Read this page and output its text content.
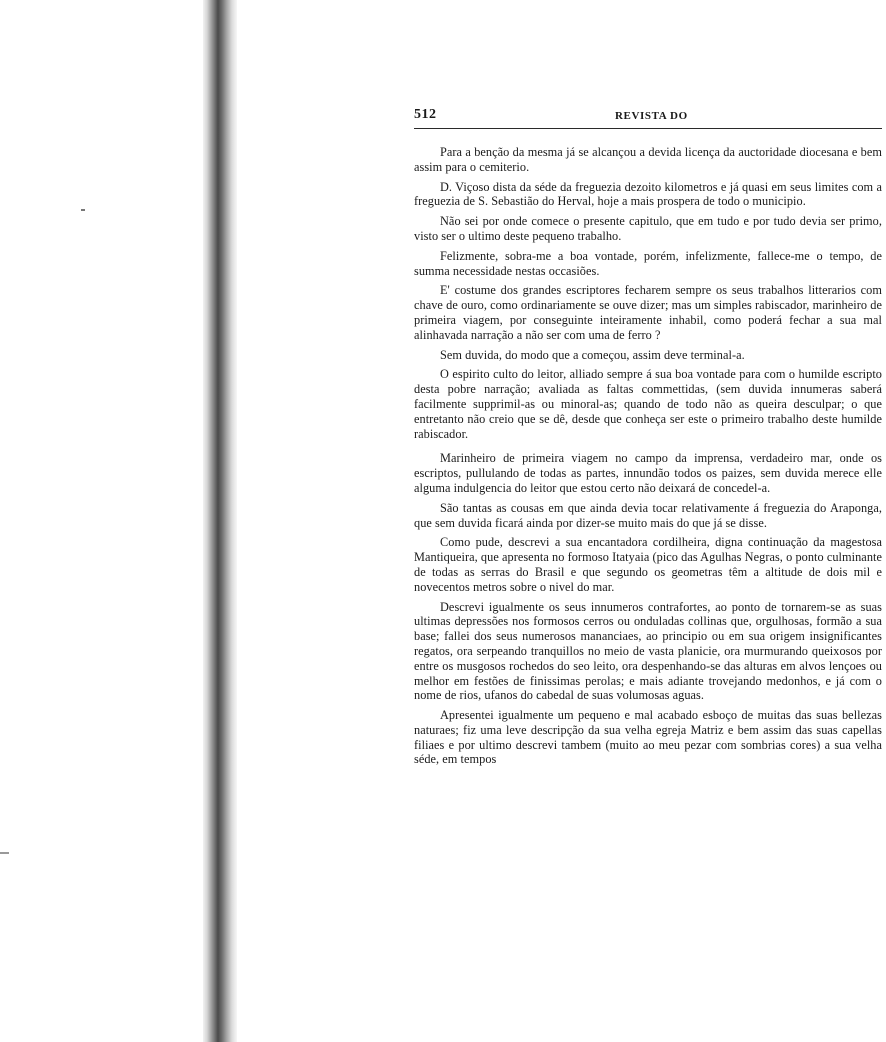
512	REVISTA DO

Para a benção da mesma já se alcançou a devida licença da auctoridade diocesana e bem assim para o cemiterio.

D. Viçoso dista da séde da freguezia dezoito kilometros e já quasi em seus limites com a freguezia de S. Sebastião do Herval, hoje a mais prospera de todo o municipio.

Não sei por onde comece o presente capitulo, que em tudo e por tudo devia ser primo, visto ser o ultimo deste pequeno trabalho.

Felizmente, sobra-me a boa vontade, porém, infelizmente, fallece-me o tempo, de summa necessidade nestas occasiões.

E' costume dos grandes escriptores fecharem sempre os seus trabalhos litterarios com chave de ouro, como ordinariamente se ouve dizer; mas um simples rabiscador, marinheiro de primeira viagem, por conseguinte inteiramente inhabil, como poderá fechar a sua mal alinhavada narração a não ser com uma de ferro ?

Sem duvida, do modo que a começou, assim deve terminal-a.

O espirito culto do leitor, alliado sempre á sua boa vontade para com o humilde escripto desta pobre narração; avaliada as faltas commettidas, (sem duvida innumeras saberá facilmente supprimil-as ou minoral-as; quando de todo não as queira desculpar; o que entretanto não creio que se dê, desde que conheça ser este o primeiro trabalho deste humilde rabiscador.

Marinheiro de primeira viagem no campo da imprensa, verdadeiro mar, onde os escriptos, pullulando de todas as partes, innundão todos os paizes, sem duvida merece elle alguma indulgencia do leitor que estou certo não deixará de concedel-a.

São tantas as cousas em que ainda devia tocar relativamente á freguezia do Araponga, que sem duvida ficará ainda por dizer-se muito mais do que já se disse.

Como pude, descrevi a sua encantadora cordilheira, digna continuação da magestosa Mantiqueira, que apresenta no formoso Itatyaia (pico das Agulhas Negras, o ponto culminante de todas as serras do Brasil e que segundo os geometras têm a altitude de dois mil e novecentos metros sobre o nivel do mar.

Descrevi igualmente os seus innumeros contrafortes, ao ponto de tornarem-se as suas ultimas depressões nos formosos cerros ou onduladas collinas que, orgulhosas, formão a sua base; fallei dos seus numerosos mananciaes, ao principio ou em sua origem insignificantes regatos, ora serpeando tranquillos no meio de vasta planicie, ora murmurando queixosos por entre os musgosos rochedos do seo leito, ora despenhando-se das alturas em alvos lençoes ou melhor em festões de finissimas perolas; e mais adiante trovejando medonhos, e já com o nome de rios, ufanos do cabedal de suas volumosas aguas.

Apresentei igualmente um pequeno e mal acabado esboço de muitas das suas bellezas naturaes; fiz uma leve descripção da sua velha egreja Matriz e bem assim das suas capellas filiaes e por ultimo descrevi tambem (muito ao meu pezar com sombrias cores) a sua velha séde, em tempos
